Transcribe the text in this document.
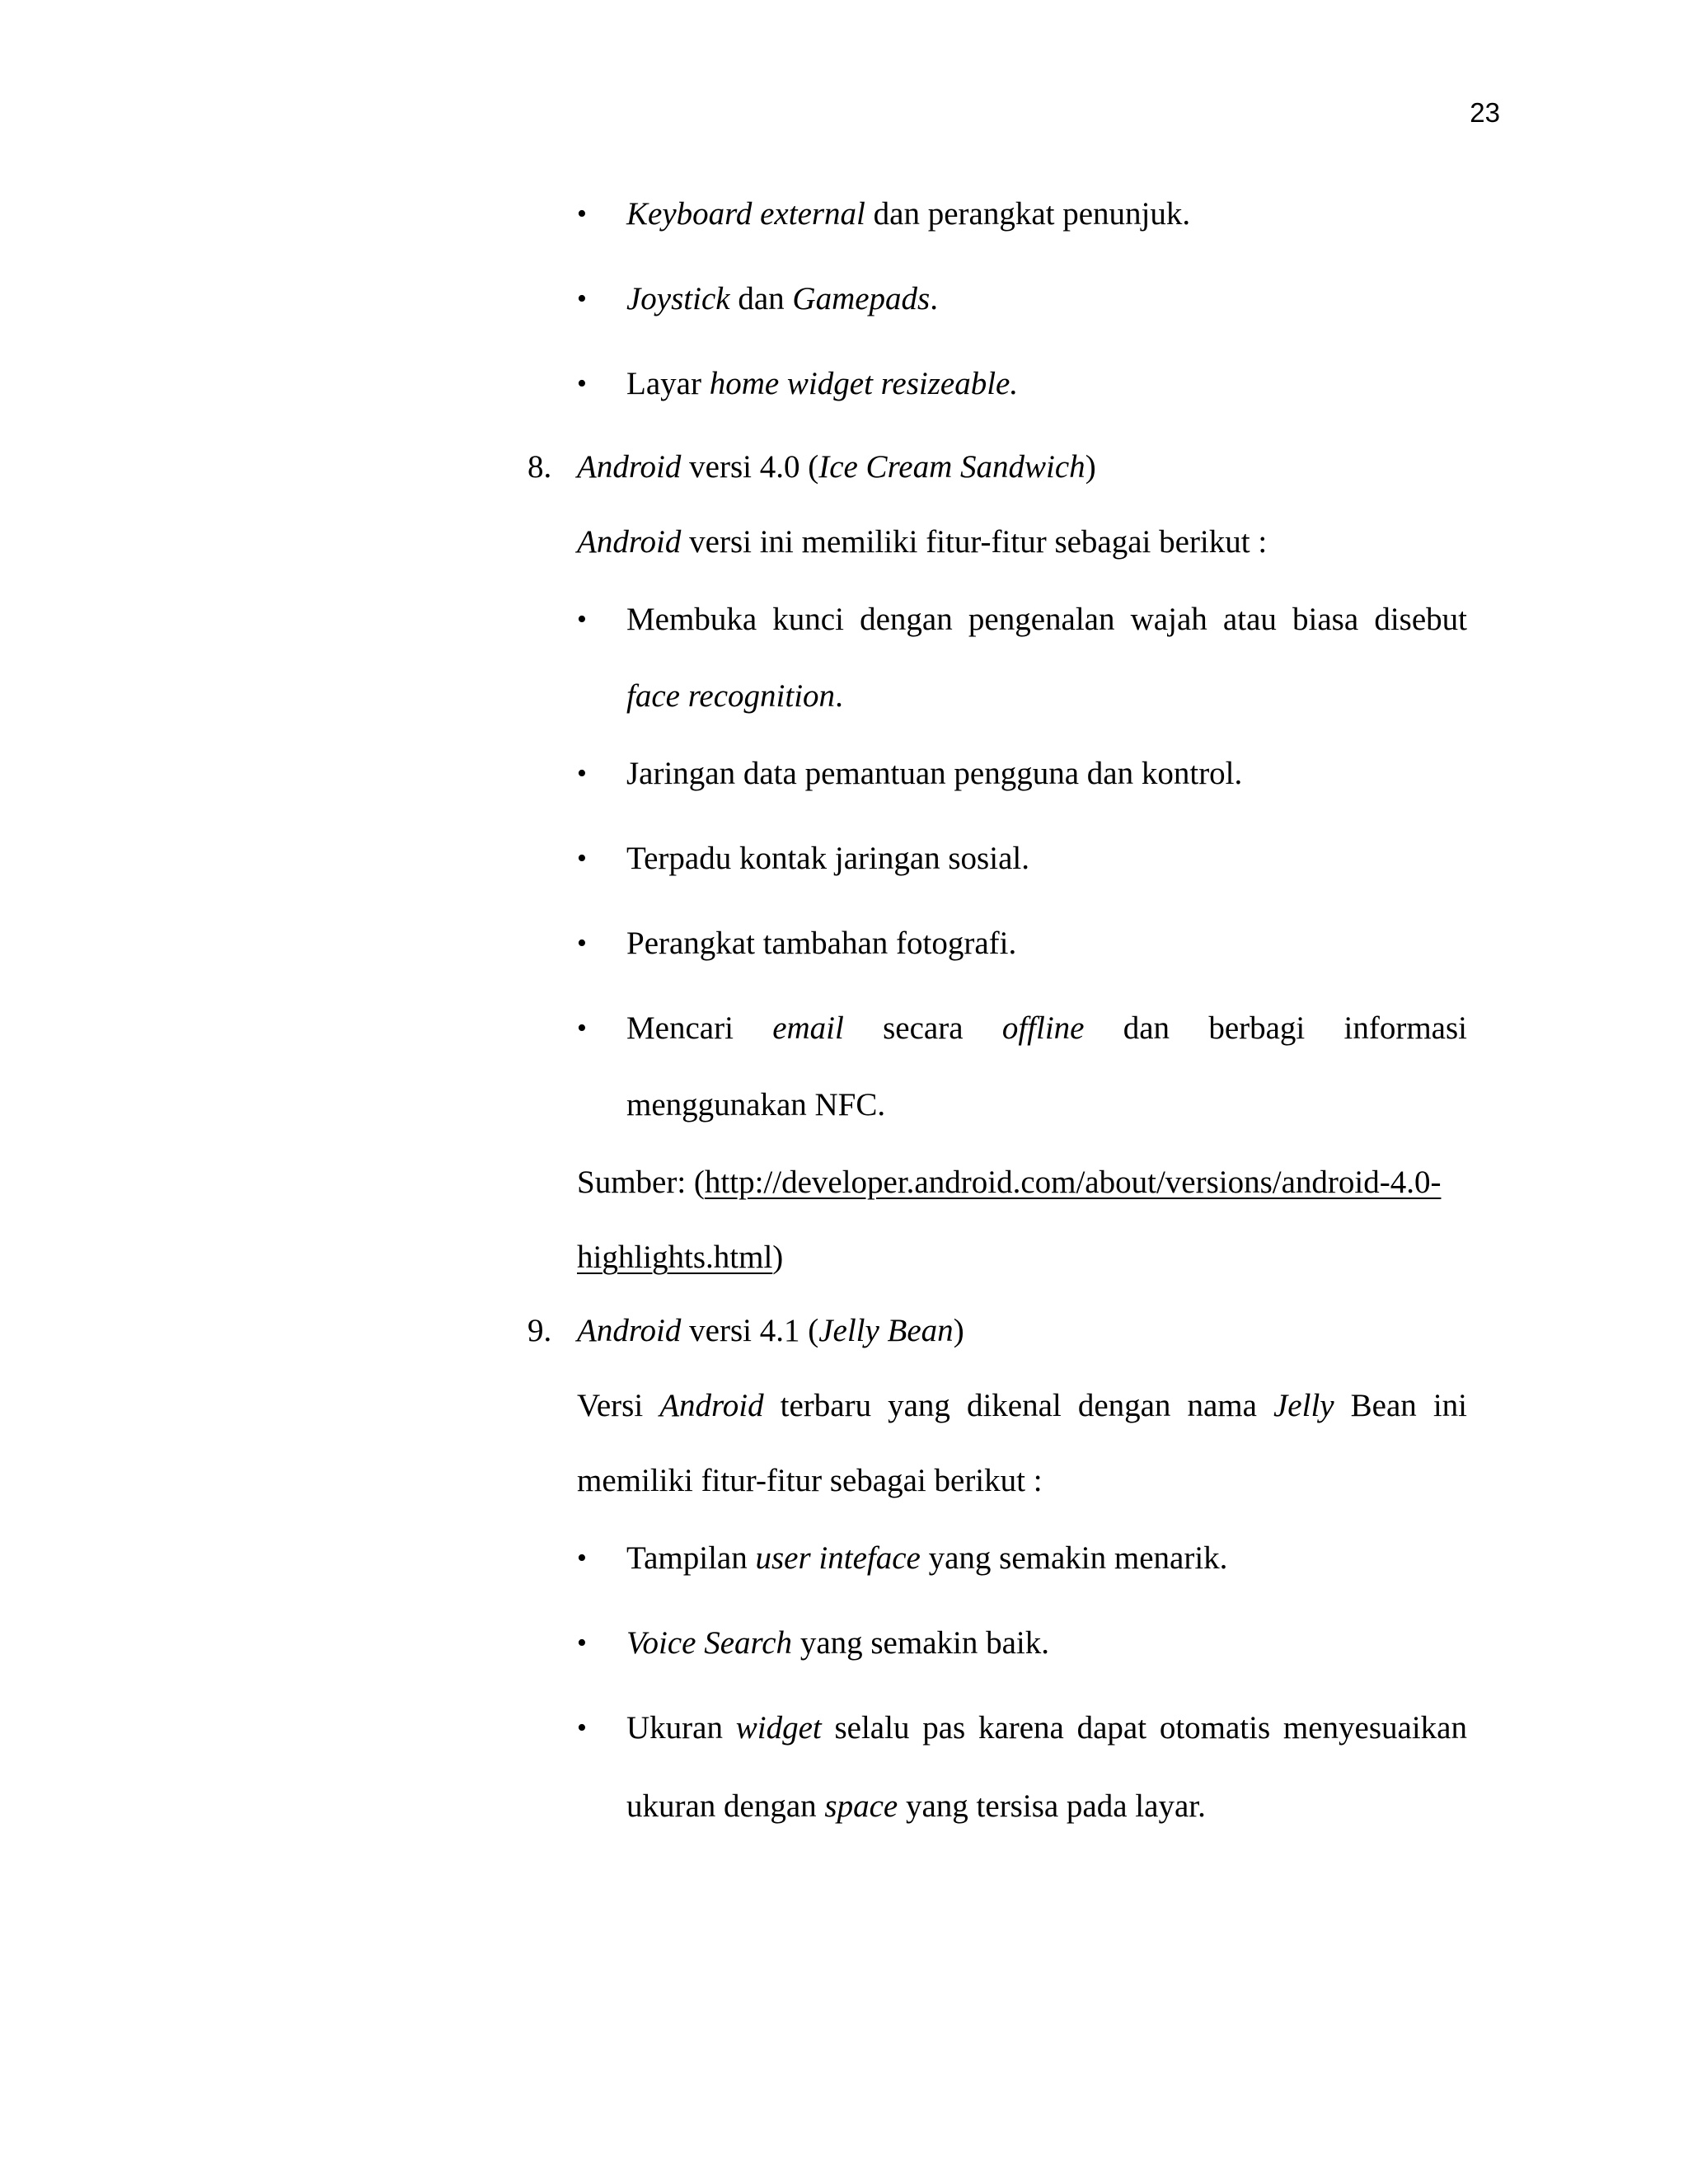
23
• Keyboard external dan perangkat penunjuk.
• Joystick dan Gamepads.
• Layar home widget resizeable.
8. Android versi 4.0 (Ice Cream Sandwich)
Android versi ini memiliki fitur-fitur sebagai berikut :
• Membuka kunci dengan pengenalan wajah atau biasa disebut
face recognition.
• Jaringan data pemantuan pengguna dan kontrol.
• Terpadu kontak jaringan sosial.
• Perangkat tambahan fotografi.
• Mencari email secara offline dan berbagi informasi
menggunakan NFC.
Sumber: (http://developer.android.com/about/versions/android-4.0-
highlights.html)
9. Android versi 4.1 (Jelly Bean)
Versi Android terbaru yang dikenal dengan nama Jelly Bean ini
memiliki fitur-fitur sebagai berikut :
• Tampilan user inteface yang semakin menarik.
• Voice Search yang semakin baik.
• Ukuran widget selalu pas karena dapat otomatis menyesuaikan
ukuran dengan space yang tersisa pada layar.
